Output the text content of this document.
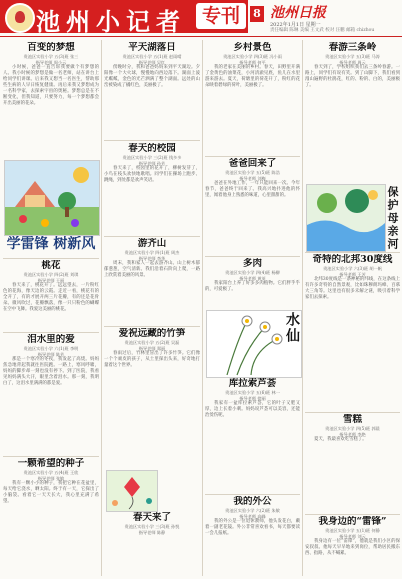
池州小记者 专刊	8 池州日报
2022年1月1日 星期一
责任编辑 陈琳 美编 王文武 校对 汪鹏 邮箱 chizhou
百变的梦想
贵池区实验小学 五(3)班 张三
指导老师 周小云
小时候，爸爸一直告诉我要做个有梦想的人。我小时候的梦想是做一名老师，站在讲台上给同学们讲课。后来我又想当一名医生，帮助那些生病的人早日恢复健康。再后来我又梦想成为一名科学家，去探索宇宙的奥秘。梦想总是在不断变化，但我知道，只要努力，每一个梦想都会开出美丽的花朵。
学雷锋 树新风
桃花
贵池区实验小学 四(2)班 刘琪
指导老师 王丽
春天来了，桃花开了。远远望去，一片粉红色的花海，像天边的云霞。走近一看，桃花有的全开了，有的才展开两三片花瓣，有的还是花骨朵。微风吹过，花瓣飘落，像一只只粉色的蝴蝶在空中飞舞。我爱这美丽的桃花。
泪水里的爱
贵池区实验小学 六(1)班 李明
指导老师 陈芳
那是一个寒冷的冬夜，我发起了高烧。妈妈焦急地背起我就往医院跑。一路上，寒风呼啸，妈妈的脚步却一刻也没有停下。到了医院，我看见妈妈满头大汗，眼里含着泪水。那一刻，我明白了，这泪水里满满的都是爱。
一颗希望的种子
贵池区实验小学 五(4)班 王欣
指导老师 张敏
我有一颗小小的种子，我把它种在花盆里，每天给它浇水，晒太阳。终于有一天，它探出了小脑袋。看着它一天天长大，我心里充满了希望。
平天湖落日
贵池区实验小学 五(1)班 赵雨晴
指导老师 吴红
傍晚时分，我和爸爸妈妈来到平天湖边。夕阳像一个大火球，慢慢地向西边落下。湖面上波光粼粼，金色的光芒洒满了整个湖面。远处的山峦被染成了橘红色，美丽极了。
春天的校园
贵池区实验小学 三(2)班 钱多多
指导老师 孙芳
春天来了，校园里的花开了，柳树发芽了，小鸟在枝头欢快地歌唱。同学们在操场上跑步、跳绳，到处都是欢声笑语。
游齐山
贵池区实验小学 四(1)班 周杰
指导老师 李华
周末，我和家人一起去游齐山。山上树木郁郁葱葱，空气清新。我们沿着石阶向上爬，一路上欣赏着美丽的风景。
爱祝远藏的竹笋
贵池区实验小学 五(2)班 吴磊
指导老师 郑丽
春雨过后，竹林里冒出了许多竹笋。它们像一个个顽皮的孩子，从土里探出头来，好奇地打量着这个世界。
春天来了
贵池区实验小学 三(3)班 孙悦
指导老师 陈静
乡村景色
贵池区实验小学 四(3)班 冯小雨
指导老师 何平
我的老家在美丽的乡村。春天，田野里开满了金黄色的油菜花，小河清澈见底，鱼儿在水里游来游去。夏天，荷塘里的荷花开了，粉红的花朵映着碧绿的荷叶，美丽极了。
爸爸回来了
贵池区实验小学 五(5)班 陈浩
指导老师 刘梅
爸爸在外地工作，一年只能回来一次。今年春节，爸爸终于回来了。我高兴地扑进他的怀里，闻着他身上熟悉的味道，心里甜甜的。
多肉
贵池区实验小学 四(4)班 杨柳
指导老师 黄英
我家阳台上养了好多多肉植物。它们胖乎乎的，可爱极了。
水仙
库拉索芦荟
贵池区实验小学 五(6)班 林一
指导老师 徐丽
我家有一盆库拉索芦荟，它的叶子又肥又厚，边上长着小刺。妈妈说芦荟可以美容，还能治烫伤呢。
我的外公
贵池区实验小学 六(2)班 朱敏
指导老师 高峰
我的外公是一位退休教师，他头发花白，戴着一副老花镜。外公非常喜欢看书，每天都要读一会儿报纸。
春游三条岭
贵池区实验小学 五(3)班 马涛
指导老师 周云
春天到了，学校组织我们去三条岭春游。一路上，同学们有说有笑。到了山脚下，我们看到漫山遍野的杜鹃花，红的、粉的、白的，美丽极了。
保护母亲河
奇特的北邦30度线
贵池区实验小学 六(3)班 胡一帆
指导老师 王芳
北纬30度线是一条神秘的纬线，在这条线上有许多奇特的自然景观，比如珠穆朗玛峰、百慕大三角等。这里也有很多未解之谜，吸引着科学家们去探索。
雪糕
贵池区实验小学 四(5)班 郭晨
指导老师 李艳
夏天，我最喜欢吃雪糕了。
我身边的“雷锋”
贵池区实验小学 五(1)班 何静
指导老师 刘云
我身边有一位“雷锋”，他就是我们小区的保安叔叔。他每天早早地来到岗位，帮助居民搬东西、指路，从不喊累。
